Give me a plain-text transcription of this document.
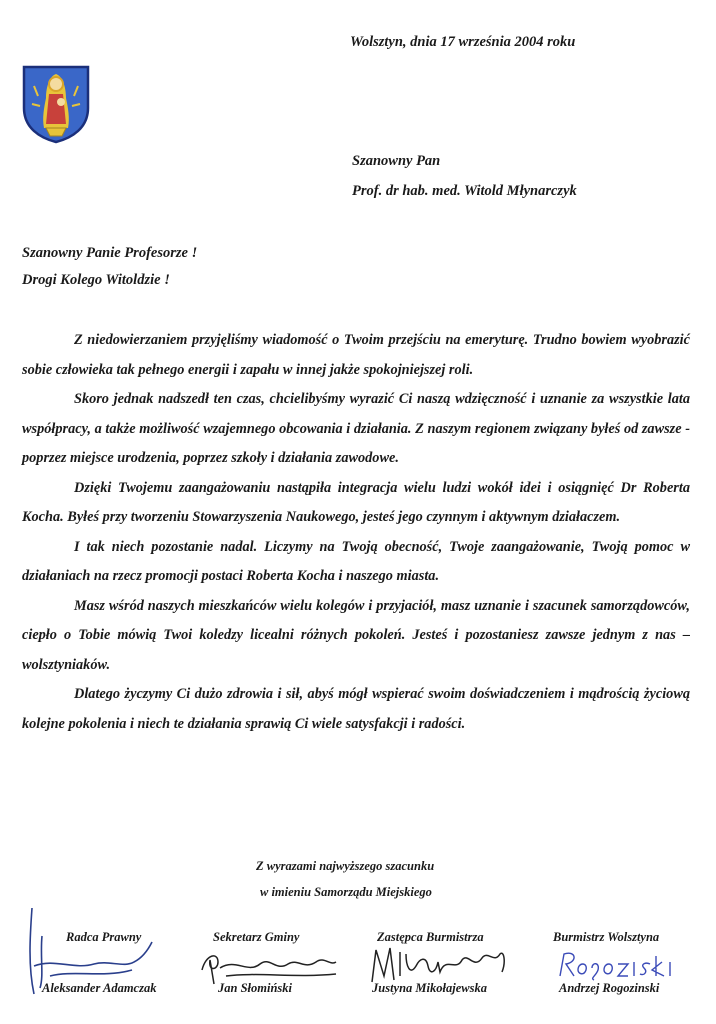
Wolsztyn, dnia 17 września 2004 roku
Szanowny Pan
Prof. dr hab. med. Witold Młynarczyk
Szanowny Panie Profesorze !
Drogi Kolego Witoldzie !

Z niedowierzaniem przyjęliśmy wiadomość o Twoim przejściu na emeryturę. Trudno bowiem wyobrazić sobie człowieka tak pełnego energii i zapału w innej jakże spokojniejszej roli.

Skoro jednak nadszedł ten czas, chcielibyśmy wyrazić Ci naszą wdzięczność i uznanie za wszystkie lata współpracy, a także możliwość wzajemnego obcowania i działania. Z naszym regionem związany byłeś od zawsze - poprzez miejsce urodzenia, poprzez szkoły i działania zawodowe.

Dzięki Twojemu zaangażowaniu nastąpiła integracja wielu ludzi wokół idei i osiągnięć Dr Roberta Kocha. Byłeś przy tworzeniu Stowarzyszenia Naukowego, jesteś jego czynnym i aktywnym działaczem.

I tak niech pozostanie nadal. Liczymy na Twoją obecność, Twoje zaangażowanie, Twoją pomoc w działaniach na rzecz promocji postaci Roberta Kocha i naszego miasta.

Masz wśród naszych mieszkańców wielu kolegów i przyjaciół, masz uznanie i szacunek samorządowców, ciepło o Tobie mówią Twoi koledzy licealni różnych pokoleń. Jesteś i pozostaniesz zawsze jednym z nas – wolsztyniaków.

Dlatego życzymy Ci dużo zdrowia i sił, abyś mógł wspierać swoim doświadczeniem i mądrością życiową kolejne pokolenia i niech te działania sprawią Ci wiele satysfakcji i radości.

Z wyrazami najwyższego szacunku
w imieniu Samorządu Miejskiego
Radca Prawny
Aleksander Adamczak
Sekretarz Gminy
Jan Słomiński
Zastępca Burmistrza
Justyna Mikołajewska
Burmistrz Wolsztyna
Andrzej Rogozinski
